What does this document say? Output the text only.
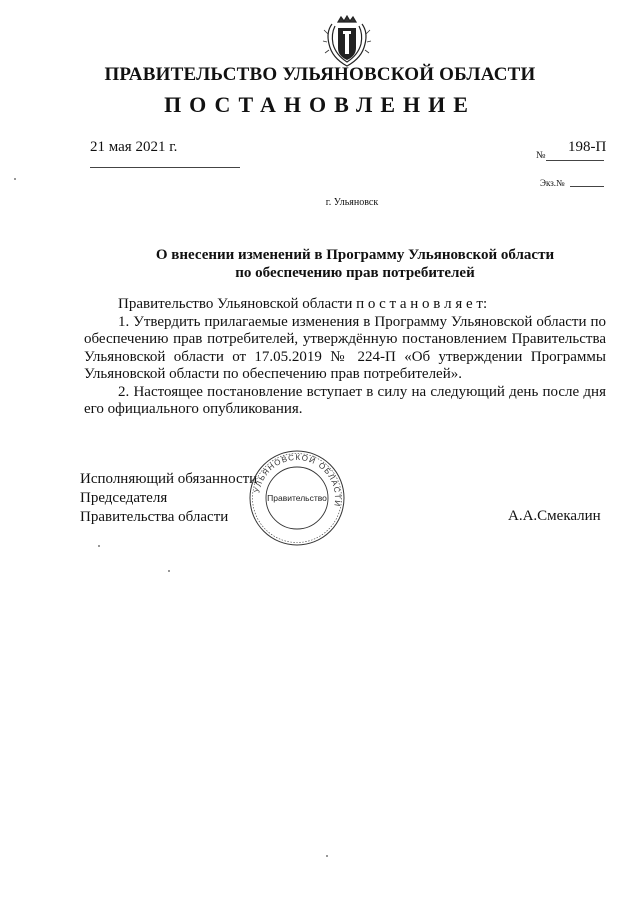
ПРАВИТЕЛЬСТВО УЛЬЯНОВСКОЙ ОБЛАСТИ
ПОСТАНОВЛЕНИЕ
21 мая 2021 г.
№
198-П
Экз.№
г. Ульяновск
О внесении изменений в Программу Ульяновской области
по обеспечению прав потребителей

Правительство Ульяновской области п о с т а н о в л я е т:

1. Утвердить прилагаемые изменения в Программу Ульяновской области по обеспечению прав потребителей, утверждённую постановлением Правительства Ульяновской области от 17.05.2019 № 224-П «Об утверждении Программы Ульяновской области по обеспечению прав потребителей».

2. Настоящее постановление вступает в силу на следующий день после дня его официального опубликования.

Исполняющий обязанности
Председателя
Правительства области	А.А.Смекалин
УЛЬЯНОВСКОЙ ОБЛАСТИ
Правительство
